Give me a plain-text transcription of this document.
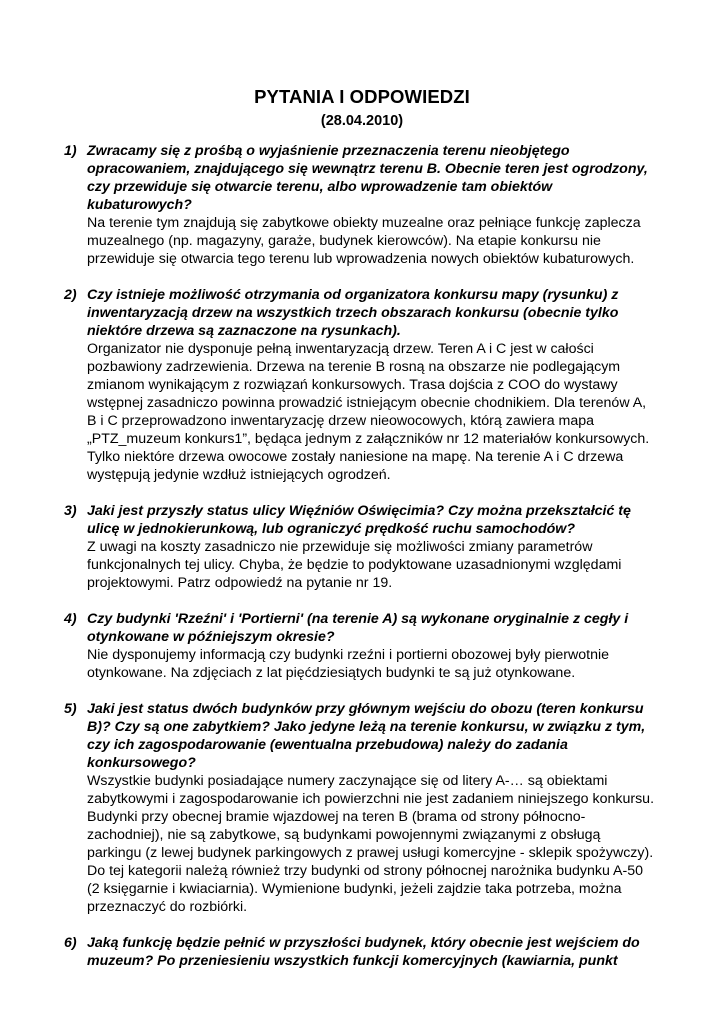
PYTANIA I ODPOWIEDZI
(28.04.2010)
1) Zwracamy się z prośbą o wyjaśnienie przeznaczenia terenu nieobjętego opracowaniem, znajdującego się wewnątrz terenu B. Obecnie teren jest ogrodzony, czy przewiduje się otwarcie terenu, albo wprowadzenie tam obiektów kubaturowych?
Na terenie tym znajdują się zabytkowe obiekty muzealne oraz pełniące funkcję zaplecza muzealnego (np. magazyny, garaże, budynek kierowców). Na etapie konkursu nie przewiduje się otwarcia tego terenu lub wprowadzenia nowych obiektów kubaturowych.
2) Czy istnieje możliwość otrzymania od organizatora konkursu mapy (rysunku) z inwentaryzacją drzew na wszystkich trzech obszarach konkursu (obecnie tylko niektóre drzewa są zaznaczone na rysunkach).
Organizator nie dysponuje pełną inwentaryzacją drzew. Teren A i C jest w całości pozbawiony zadrzewienia. Drzewa na terenie B rosną na obszarze nie podlegającym zmianom wynikającym z rozwiązań konkursowych. Trasa dojścia z COO do wystawy wstępnej zasadniczo powinna prowadzić istniejącym obecnie chodnikiem. Dla terenów A, B i C przeprowadzono inwentaryzację drzew nieowocowych, którą zawiera mapa „PTZ_muzeum konkurs1”, będąca jednym z załączników nr 12 materiałów konkursowych. Tylko niektóre drzewa owocowe zostały naniesione na mapę. Na terenie A i C drzewa występują jedynie wzdłuż istniejących ogrodzeń.
3) Jaki jest przyszły status ulicy Więźniów Oświęcimia? Czy można przekształcić tę ulicę w jednokierunkową, lub ograniczyć prędkość ruchu samochodów?
Z uwagi na koszty zasadniczo nie przewiduje się możliwości zmiany parametrów funkcjonalnych tej ulicy. Chyba, że będzie to podyktowane uzasadnionymi względami projektowymi. Patrz odpowiedź na pytanie nr 19.
4) Czy budynki 'Rzeźni' i 'Portierni' (na terenie A) są wykonane oryginalnie z cegły i otynkowane w późniejszym okresie?
Nie dysponujemy informacją czy budynki rzeźni i portierni obozowej były pierwotnie otynkowane. Na zdjęciach z lat pięćdziesiątych budynki te są już otynkowane.
5) Jaki jest status dwóch budynków przy głównym wejściu do obozu (teren konkursu B)? Czy są one zabytkiem? Jako jedyne leżą na terenie konkursu, w związku z tym, czy ich zagospodarowanie (ewentualna przebudowa) należy do zadania konkursowego?
Wszystkie budynki posiadające numery zaczynające się od litery A-… są obiektami zabytkowymi i zagospodarowanie ich powierzchni nie jest zadaniem niniejszego konkursu. Budynki przy obecnej bramie wjazdowej na teren B (brama od strony północno-zachodniej), nie są zabytkowe, są budynkami powojennymi związanymi z obsługą parkingu (z lewej budynek parkingowych z prawej usługi komercyjne - sklepik spożywczy). Do tej kategorii należą również trzy budynki od strony północnej narożnika budynku A-50 (2 księgarnie i kwiaciarnia). Wymienione budynki, jeżeli zajdzie taka potrzeba, można przeznaczyć do rozbiórki.
6) Jaką funkcję będzie pełnić w przyszłości budynek, który obecnie jest wejściem do muzeum? Po przeniesieniu wszystkich funkcji komercyjnych (kawiarnia, punkt
